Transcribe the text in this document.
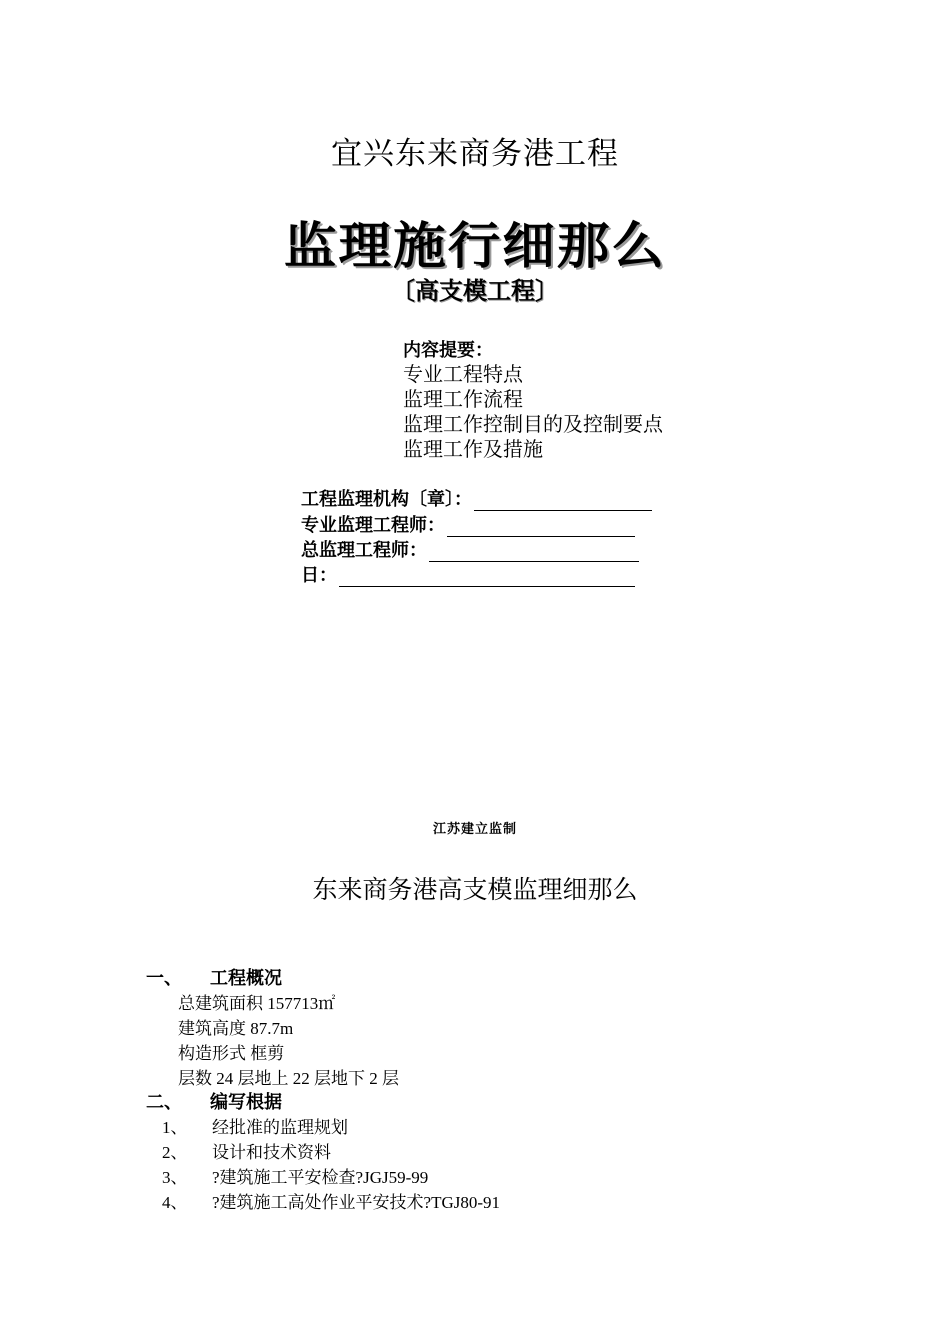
宜兴东来商务港工程
监理施行细那么
〔高支模工程〕
内容提要：
专业工程特点
监理工作流程
监理工作控制目的及控制要点
监理工作及措施
工程监理机构〔章〕：
专业监理工程师：
总监理工程师：
日：
江苏建立监制
东来商务港高支模监理细那么
一、 工程概况
总建筑面积 157713㎡
建筑高度 87.7m
构造形式 框剪
层数 24 层地上 22 层地下 2 层
二、 编写根据
1、 经批准的监理规划
2、 设计和技术资料
3、 ?建筑施工平安检查?JGJ59-99
4、 ?建筑施工高处作业平安技术?TGJ80-91
